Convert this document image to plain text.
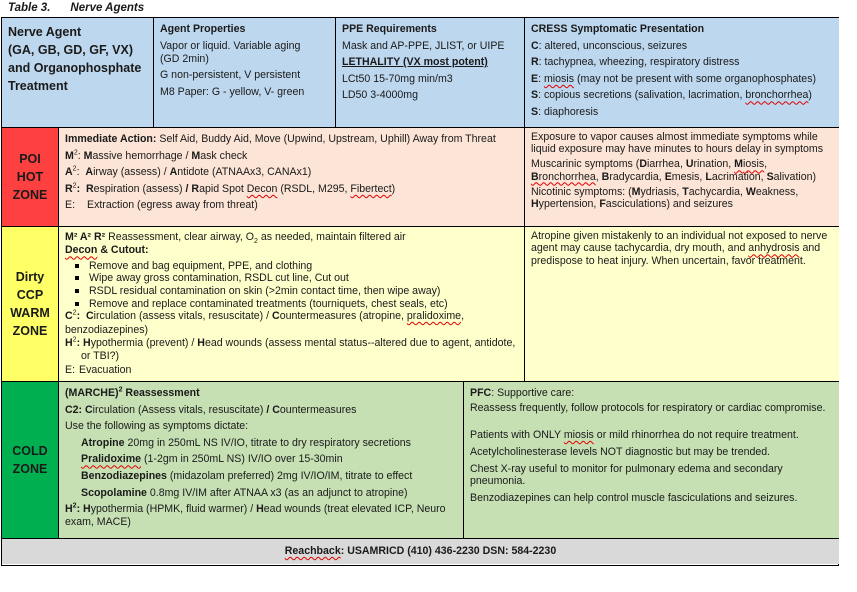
Table 3. Nerve Agents
Nerve Agent
(GA, GB, GD, GF, VX)
and Organophosphate
Treatment
Agent Properties
Vapor or liquid. Variable aging
(GD 2min)
G non-persistent, V persistent
M8 Paper: G - yellow, V- green
PPE Requirements
Mask and AP-PPE, JLIST, or UIPE
LETHALITY (VX most potent)
LCt50 15-70mg min/m3
LD50 3-4000mg
CRESS Symptomatic Presentation
C: altered, unconscious, seizures
R: tachypnea, wheezing, respiratory distress
E: miosis (may not be present with some organophosphates)
S: copious secretions (salivation, lacrimation, bronchorrhea)
S: diaphoresis
POI
HOT
ZONE
Immediate Action: Self Aid, Buddy Aid, Move (Upwind, Upstream, Uphill) Away from Threat
$M^2$: Massive hemorrhage / Mask check
$A^2$:  Airway (assess) / Antidote (ATNAAx3, CANAx1)
$R^2$:  Respiration (assess) / Rapid Spot Decon (RSDL, M295, Fibertect)
E: Extraction (egress away from threat)
Exposure to vapor causes almost immediate symptoms while liquid exposure may have minutes to hours delay in symptoms
Muscarinic symptoms (Diarrhea, Urination, Miosis, Bronchorrhea, Bradycardia, Emesis, Lacrimation, Salivation)
Nicotinic symptoms: (Mydriasis, Tachycardia, Weakness, Hypertension, Fasciculations) and seizures
Dirty
CCP
WARM
ZONE
M² A² R² Reassessment, clear airway, $O_2$ as needed, maintain filtered air
Decon & Cutout:
Remove and bag equipment, PPE, and clothing
Wipe away gross contamination, RSDL cut line, Cut out
RSDL residual contamination on skin (>2min contact time, then wipe away)
Remove and replace contaminated treatments (tourniquets, chest seals, etc)
$C^2$:  Circulation (assess vitals, resuscitate) / Countermeasures (atropine, pralidoxime, benzodiazepines)
$H^2$: Hypothermia (prevent) / Head wounds (assess mental status--altered due to agent, antidote, or TBI?)
E: Evacuation
Atropine given mistakenly to an individual not exposed to nerve agent may cause tachycardia, dry mouth, and anhydrosis and predispose to heat injury. When uncertain, favor treatment.
COLD
ZONE
(MARCHE)$^2$ Reassessment
C2: Circulation (Assess vitals, resuscitate) / Countermeasures
Use the following as symptoms dictate:
Atropine 20mg in 250mL NS IV/IO, titrate to dry respiratory secretions
Pralidoxime (1-2gm in 250mL NS) IV/IO over 15-30min
Benzodiazepines (midazolam preferred) 2mg IV/IO/IM, titrate to effect
Scopolamine 0.8mg IV/IM after ATNAA x3 (as an adjunct to atropine)
$H^2$: Hypothermia (HPMK, fluid warmer) / Head wounds (treat elevated ICP, Neuro exam, MACE)
PFC: Supportive care:
Reassess frequently, follow protocols for respiratory or cardiac compromise.
Patients with ONLY miosis or mild rhinorrhea do not require treatment.
Acetylcholinesterase levels NOT diagnostic but may be trended.
Chest X-ray useful to monitor for pulmonary edema and secondary pneumonia.
Benzodiazepines can help control muscle fasciculations and seizures.
Reachback: USAMRICD (410) 436-2230 DSN: 584-2230
